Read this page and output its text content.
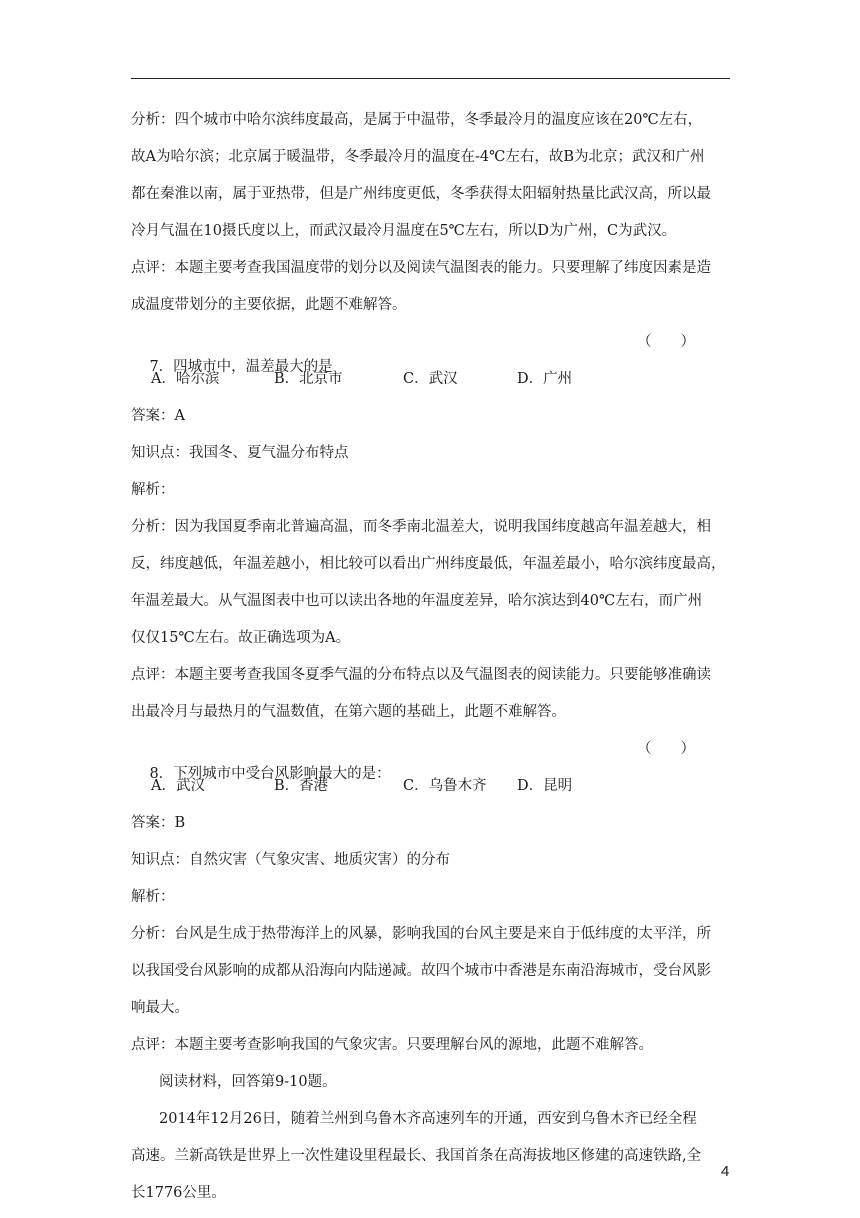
分析：四个城市中哈尔滨纬度最高，是属于中温带，冬季最冷月的温度应该在20℃左右，
故A为哈尔滨；北京属于暖温带，冬季最冷月的温度在-4℃左右，故B为北京；武汉和广州
都在秦淮以南，属于亚热带，但是广州纬度更低，冬季获得太阳辐射热量比武汉高，所以最
冷月气温在10摄氏度以上，而武汉最冷月温度在5℃左右，所以D为广州，C为武汉。
点评：本题主要考查我国温度带的划分以及阅读气温图表的能力。只要理解了纬度因素是造
成温度带划分的主要依据，此题不难解答。

7．四城市中，温差最大的是

（　　）

A．哈尔滨	B．北京市	C．武汉	D．广州
答案：A
知识点：我国冬、夏气温分布特点
解析：
分析：因为我国夏季南北普遍高温，而冬季南北温差大，说明我国纬度越高年温差越大，相
反，纬度越低，年温差越小，相比较可以看出广州纬度最低，年温差最小，哈尔滨纬度最高，
年温差最大。从气温图表中也可以读出各地的年温度差异，哈尔滨达到40℃左右，而广州
仅仅15℃左右。故正确选项为A。
点评：本题主要考查我国冬夏季气温的分布特点以及气温图表的阅读能力。只要能够准确读
出最冷月与最热月的气温数值，在第六题的基础上，此题不难解答。

8．下列城市中受台风影响最大的是：

（　　）

A．武汉	B．香港	C．乌鲁木齐 D．昆明
答案：B
知识点：自然灾害（气象灾害、地质灾害）的分布
解析：
分析：台风是生成于热带海洋上的风暴，影响我国的台风主要是来自于低纬度的太平洋，所
以我国受台风影响的成都从沿海向内陆递减。故四个城市中香港是东南沿海城市，受台风影
响最大。
点评：本题主要考查影响我国的气象灾害。只要理解台风的源地，此题不难解答。
阅读材料，回答第9-10题。
2014年12月26日，随着兰州到乌鲁木齐高速列车的开通，西安到乌鲁木齐已经全程
高速。兰新高铁是世界上一次性建设里程最长、我国首条在高海拔地区修建的高速铁路,全
长1776公里。
4
